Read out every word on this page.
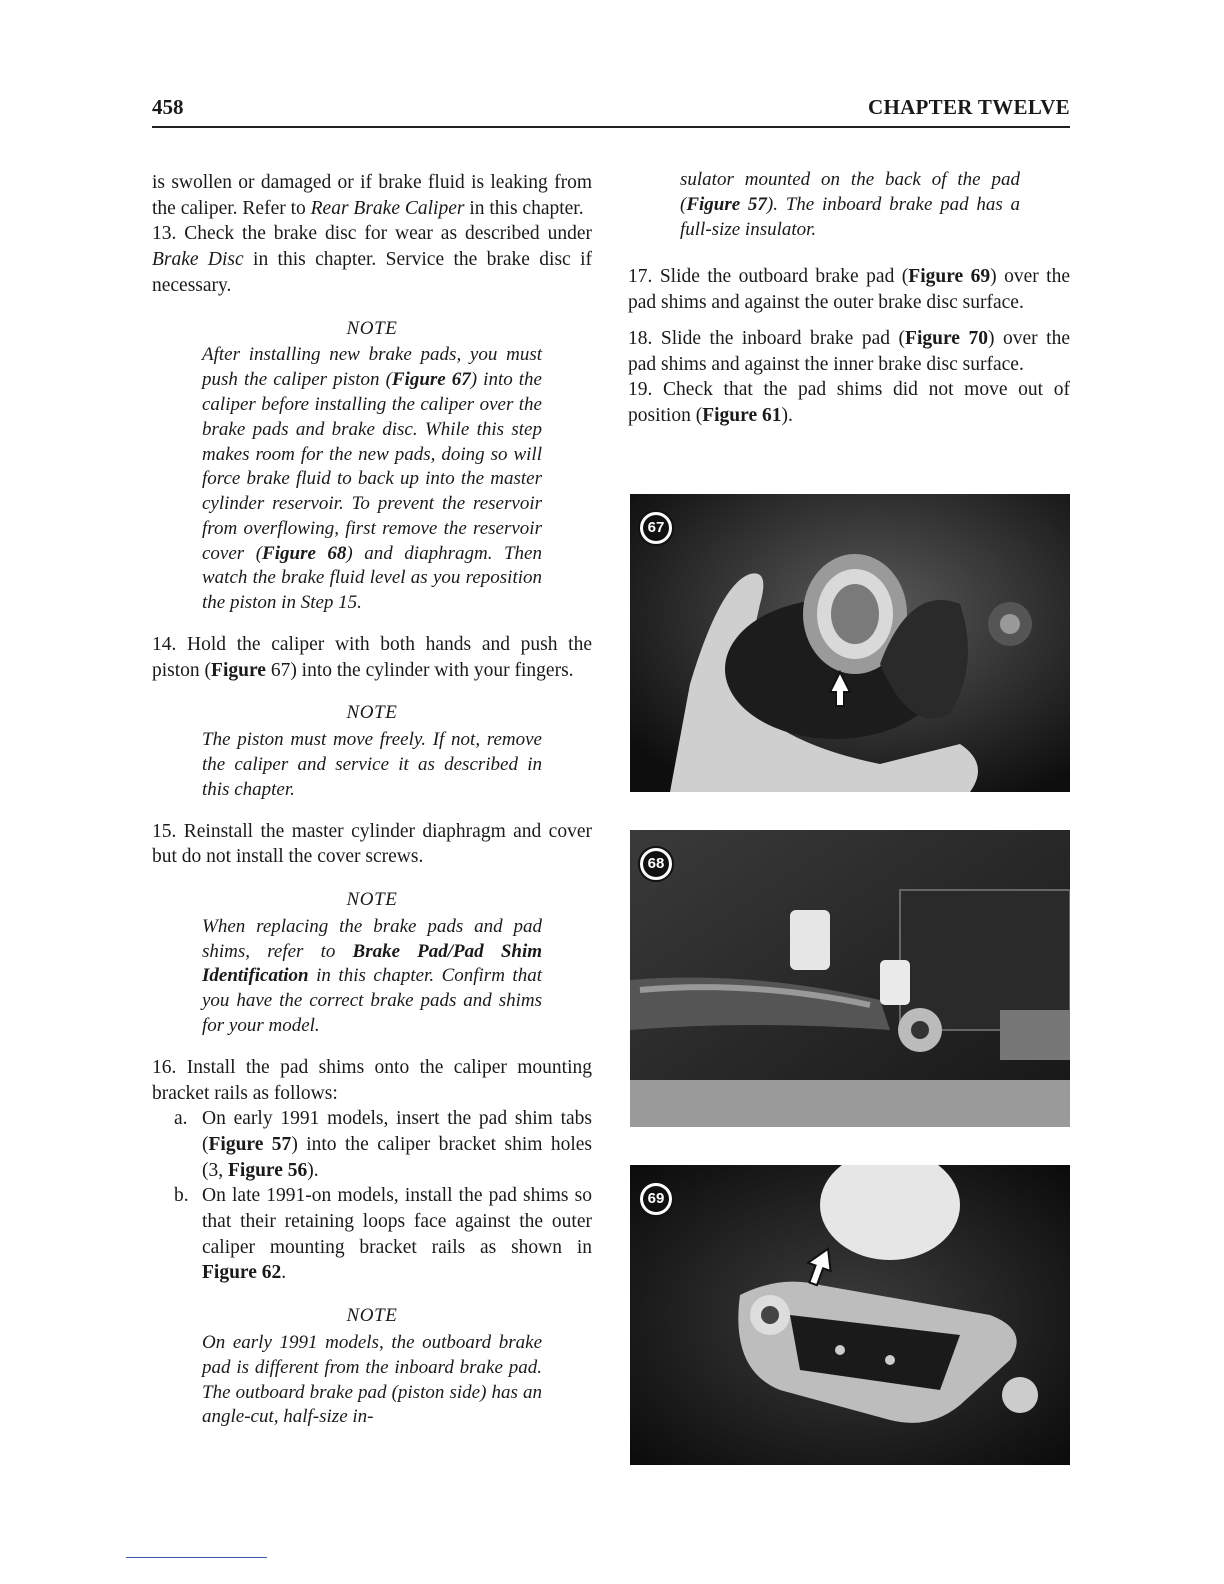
458	CHAPTER TWELVE

is swollen or damaged or if brake fluid is leaking from the caliper. Refer to Rear Brake Caliper in this chapter.

13. Check the brake disc for wear as described under Brake Disc in this chapter. Service the brake disc if necessary.

NOTE

After installing new brake pads, you must push the caliper piston (Figure 67) into the caliper before installing the caliper over the brake pads and brake disc. While this step makes room for the new pads, doing so will force brake fluid to back up into the master cylinder reservoir. To prevent the reservoir from overflowing, first remove the reservoir cover (Figure 68) and diaphragm. Then watch the brake fluid level as you reposition the piston in Step 15.

14. Hold the caliper with both hands and push the piston (Figure 67) into the cylinder with your fingers.

NOTE

The piston must move freely. If not, remove the caliper and service it as described in this chapter.

15. Reinstall the master cylinder diaphragm and cover but do not install the cover screws.

NOTE

When replacing the brake pads and pad shims, refer to Brake Pad/Pad Shim Identification in this chapter. Confirm that you have the correct brake pads and shims for your model.

16. Install the pad shims onto the caliper mounting bracket rails as follows:

a. On early 1991 models, insert the pad shim tabs (Figure 57) into the caliper bracket shim holes (3, Figure 56).
b. On late 1991-on models, install the pad shims so that their retaining loops face against the outer caliper mounting bracket rails as shown in Figure 62.
NOTE

On early 1991 models, the outboard brake pad is different from the inboard brake pad. The outboard brake pad (piston side) has an angle-cut, half-size in-

sulator mounted on the back of the pad (Figure 57). The inboard brake pad has a full-size insulator.

17. Slide the outboard brake pad (Figure 69) over the pad shims and against the outer brake disc surface.

18. Slide the inboard brake pad (Figure 70) over the pad shims and against the inner brake disc surface.

19. Check that the pad shims did not move out of position (Figure 61).

67
68
69
